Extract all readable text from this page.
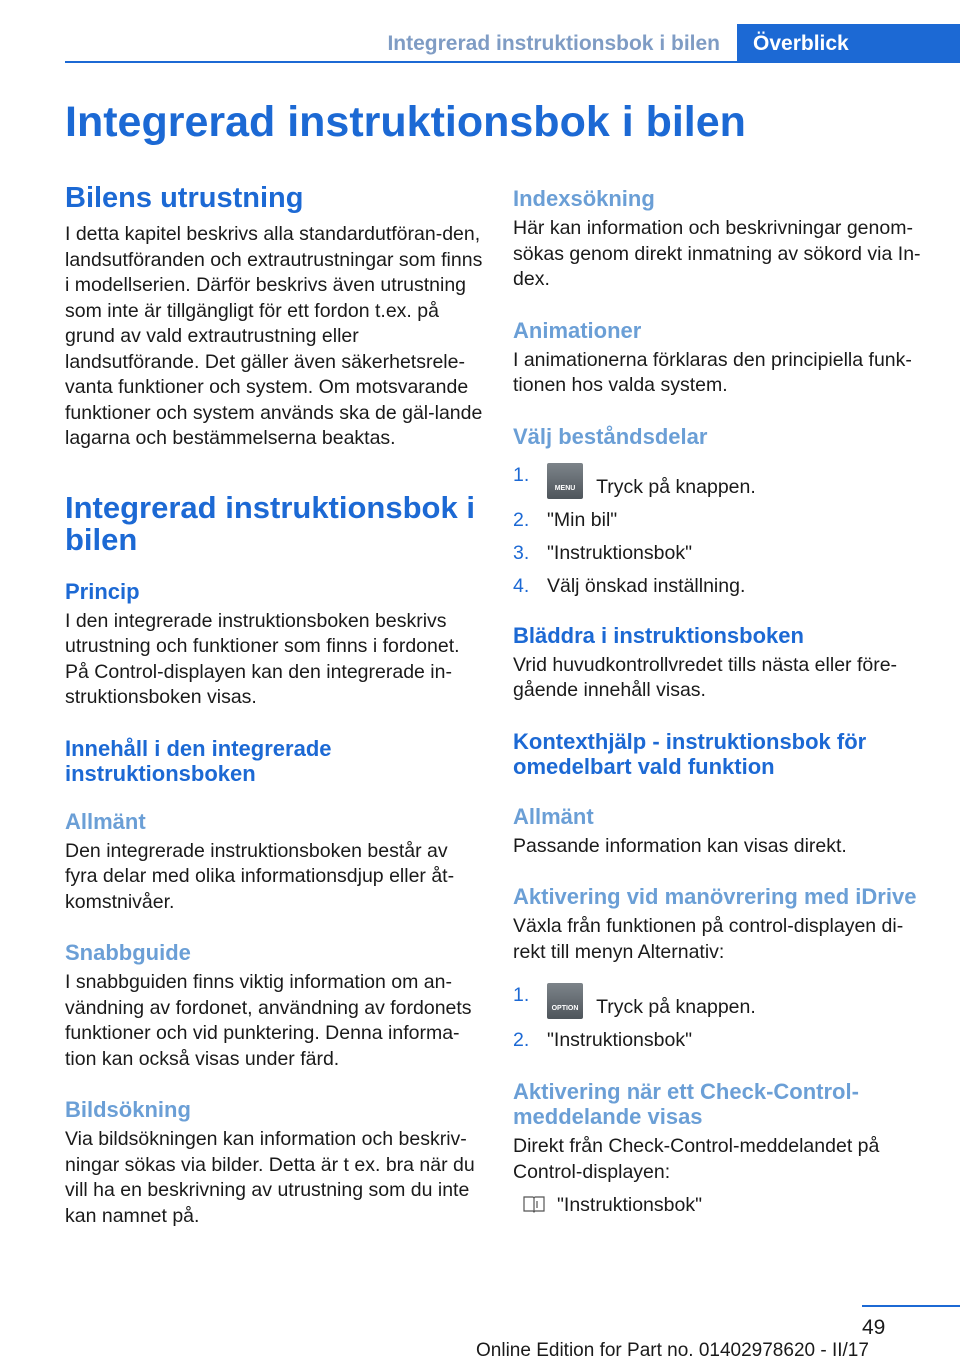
Integrerad instruktionsbok i bilen Överblick
Integrerad instruktionsbok i bilen
Bilens utrustning

I detta kapitel beskrivs alla standardutföran-den, landsutföranden och extrautrustningar som finns i modellserien. Därför beskrivs även utrustning som inte är tillgängligt för ett fordon t.ex. på grund av vald extrautrustning eller landsutförande. Det gäller även säkerhetsrele-vanta funktioner och system. Om motsvarande funktioner och system används ska de gäl-lande lagarna och bestämmelserna beaktas.

Integrerad instruktionsbok i bilen
Princip

I den integrerade instruktionsboken beskrivs utrustning och funktioner som finns i fordonet. På Control-displayen kan den integrerade in-struktionsboken visas.

Innehåll i den integrerade instruktionsboken
Allmänt

Den integrerade instruktionsboken består av fyra delar med olika informationsdjup eller åt-komstnivåer.

Snabbguide

I snabbguiden finns viktig information om an-vändning av fordonet, användning av fordonets funktioner och vid punktering. Denna informa-tion kan också visas under färd.

Bildsökning

Via bildsökningen kan information och beskriv-ningar sökas via bilder. Detta är t ex. bra när du vill ha en beskrivning av utrustning som du inte kan namnet på.

Indexsökning

Här kan information och beskrivningar genom-sökas genom direkt inmatning av sökord via In-dex.

Animationer

I animationerna förklaras den principiella funk-tionen hos valda system.

Välj beståndsdelar
1.
MENU	Tryck på knappen.
2. "Min bil"
3. "Instruktionsbok"
4. Välj önskad inställning.
Bläddra i instruktionsboken

Vrid huvudkontrollvredet tills nästa eller före-gående innehåll visas.

Kontexthjälp - instruktionsbok för omedelbart vald funktion
Allmänt

Passande information kan visas direkt.

Aktivering vid manövrering med iDrive

Växla från funktionen på control-displayen di-rekt till menyn Alternativ:

1.
OPTION Tryck på knappen.
2. "Instruktionsbok"
Aktivering när ett Check-Control-meddelande visas

Direkt från Check-Control-meddelandet på Control-displayen:

"Instruktionsbok"
49
Online Edition for Part no. 01402978620 - II/17
